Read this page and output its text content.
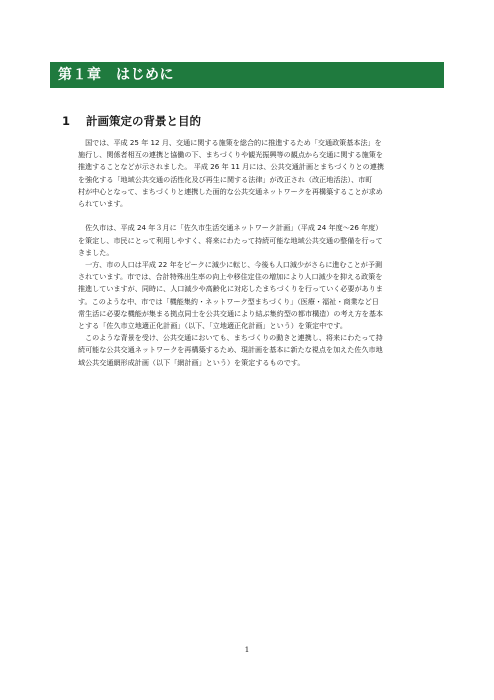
第１章　はじめに
1 計画策定の背景と目的
　国では、平成 25 年 12 月、交通に関する施策を総合的に推進するため「交通政策基本法」を
施行し、関係者相互の連携と協働の下、まちづくりや観光振興等の観点から交通に関する施策を
推進することなどが示されました。 平成 26 年 11 月には、公共交通計画とまちづくりとの連携
を強化する「地域公共交通の活性化及び再生に関する法律」が改正され（改正地活法）、市町
村が中心となって、まちづくりと連携した面的な公共交通ネットワークを再構築することが求め
られています。
　佐久市は、平成 24 年３月に「佐久市生活交通ネットワーク計画」（平成 24 年度〜26 年度）
を策定し、市民にとって利用しやすく、将来にわたって持続可能な地域公共交通の整備を行って
きました。
　一方、市の人口は平成 22 年をピークに減少に転じ、今後も人口減少がさらに進むことが予測
されています。市では、合計特殊出生率の向上や移住定住の増加により人口減少を抑える政策を
推進していますが、同時に、人口減少や高齢化に対応したまちづくりを行っていく必要がありま
す。このような中、市では「機能集約・ネットワーク型まちづくり」（医療・福祉・商業など日
常生活に必要な機能が集まる拠点同士を公共交通により結ぶ集約型の都市構造）の考え方を基本
とする「佐久市立地適正化計画」（以下、「立地適正化計画」という）を策定中です。
　このような背景を受け、公共交通においても、まちづくりの動きと連携し、将来にわたって持
続可能な公共交通ネットワークを再構築するため、現計画を基本に新たな視点を加えた佐久市地
域公共交通網形成計画（以下「網計画」という）を策定するものです。
1
